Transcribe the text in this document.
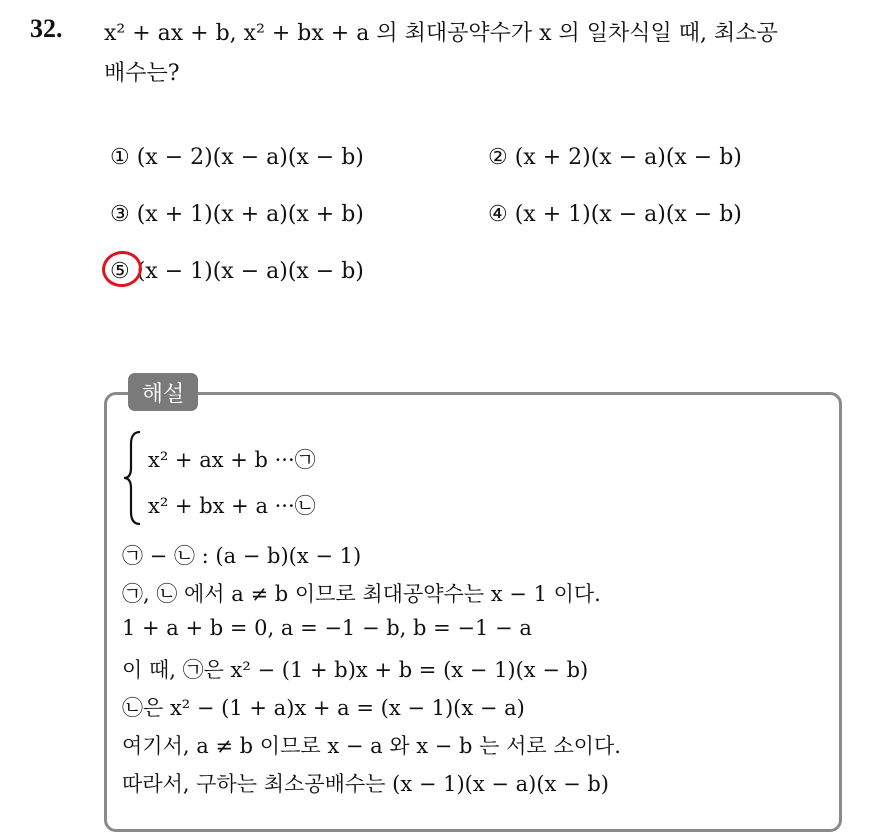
32. x² + ax + b, x² + bx + a 의 최대공약수가 x 의 일차식일 때, 최소공
배수는?
① (x − 2)(x − a)(x − b)	② (x + 2)(x − a)(x − b)
③ (x + 1)(x + a)(x + b)	④ (x + 1)(x − a)(x − b)
⑤ (x − 1)(x − a)(x − b)
해설
x² + ax + b ···㉠
x² + bx + a ···㉡
㉠ − ㉡ : (a − b)(x − 1)
㉠, ㉡ 에서 a ≠ b 이므로 최대공약수는 x − 1 이다.
1 + a + b = 0, a = −1 − b, b = −1 − a
이 때, ㉠은 x² − (1 + b)x + b = (x − 1)(x − b)
㉡은 x² − (1 + a)x + a = (x − 1)(x − a)
여기서, a ≠ b 이므로 x − a 와 x − b 는 서로 소이다.
따라서, 구하는 최소공배수는 (x − 1)(x − a)(x − b)
